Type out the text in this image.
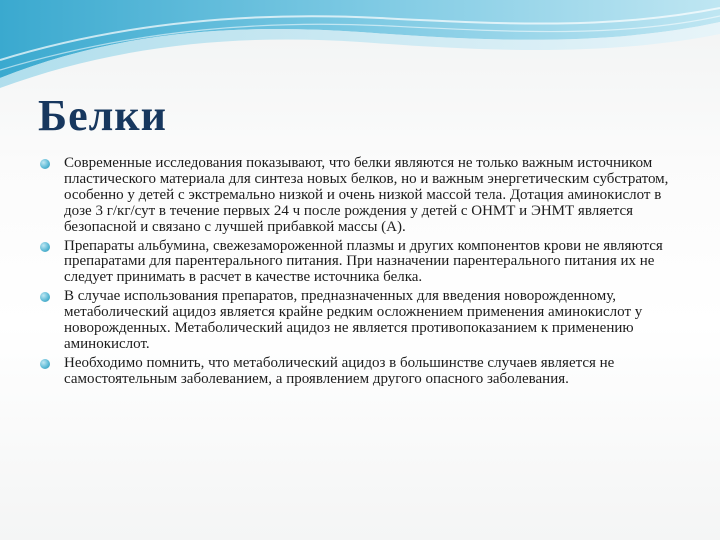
Белки
Современные исследования показывают, что белки являются не только важным источником пластического материала для синтеза новых белков, но и важным энергетическим субстратом, особенно у детей с экстремально низкой и очень низкой массой тела. Дотация аминокислот в дозе 3 г/кг/сут в течение первых 24 ч после рождения у детей с ОНМТ и ЭНМТ является безопасной и связано с лучшей прибавкой массы (А).
Препараты альбумина, свежезамороженной плазмы и других компонентов крови не являются препаратами для парентерального питания. При назначении парентерального питания их не следует принимать в расчет в качестве источника белка.
В случае использования препаратов, предназначенных для введения новорожденному, метаболический ацидоз является крайне редким осложнением применения аминокислот у новорожденных. Метаболический ацидоз не является противопоказанием к применению аминокислот.
Необходимо помнить, что метаболический ацидоз в большинстве случаев является не самостоятельным заболеванием, а проявлением другого опасного заболевания.
